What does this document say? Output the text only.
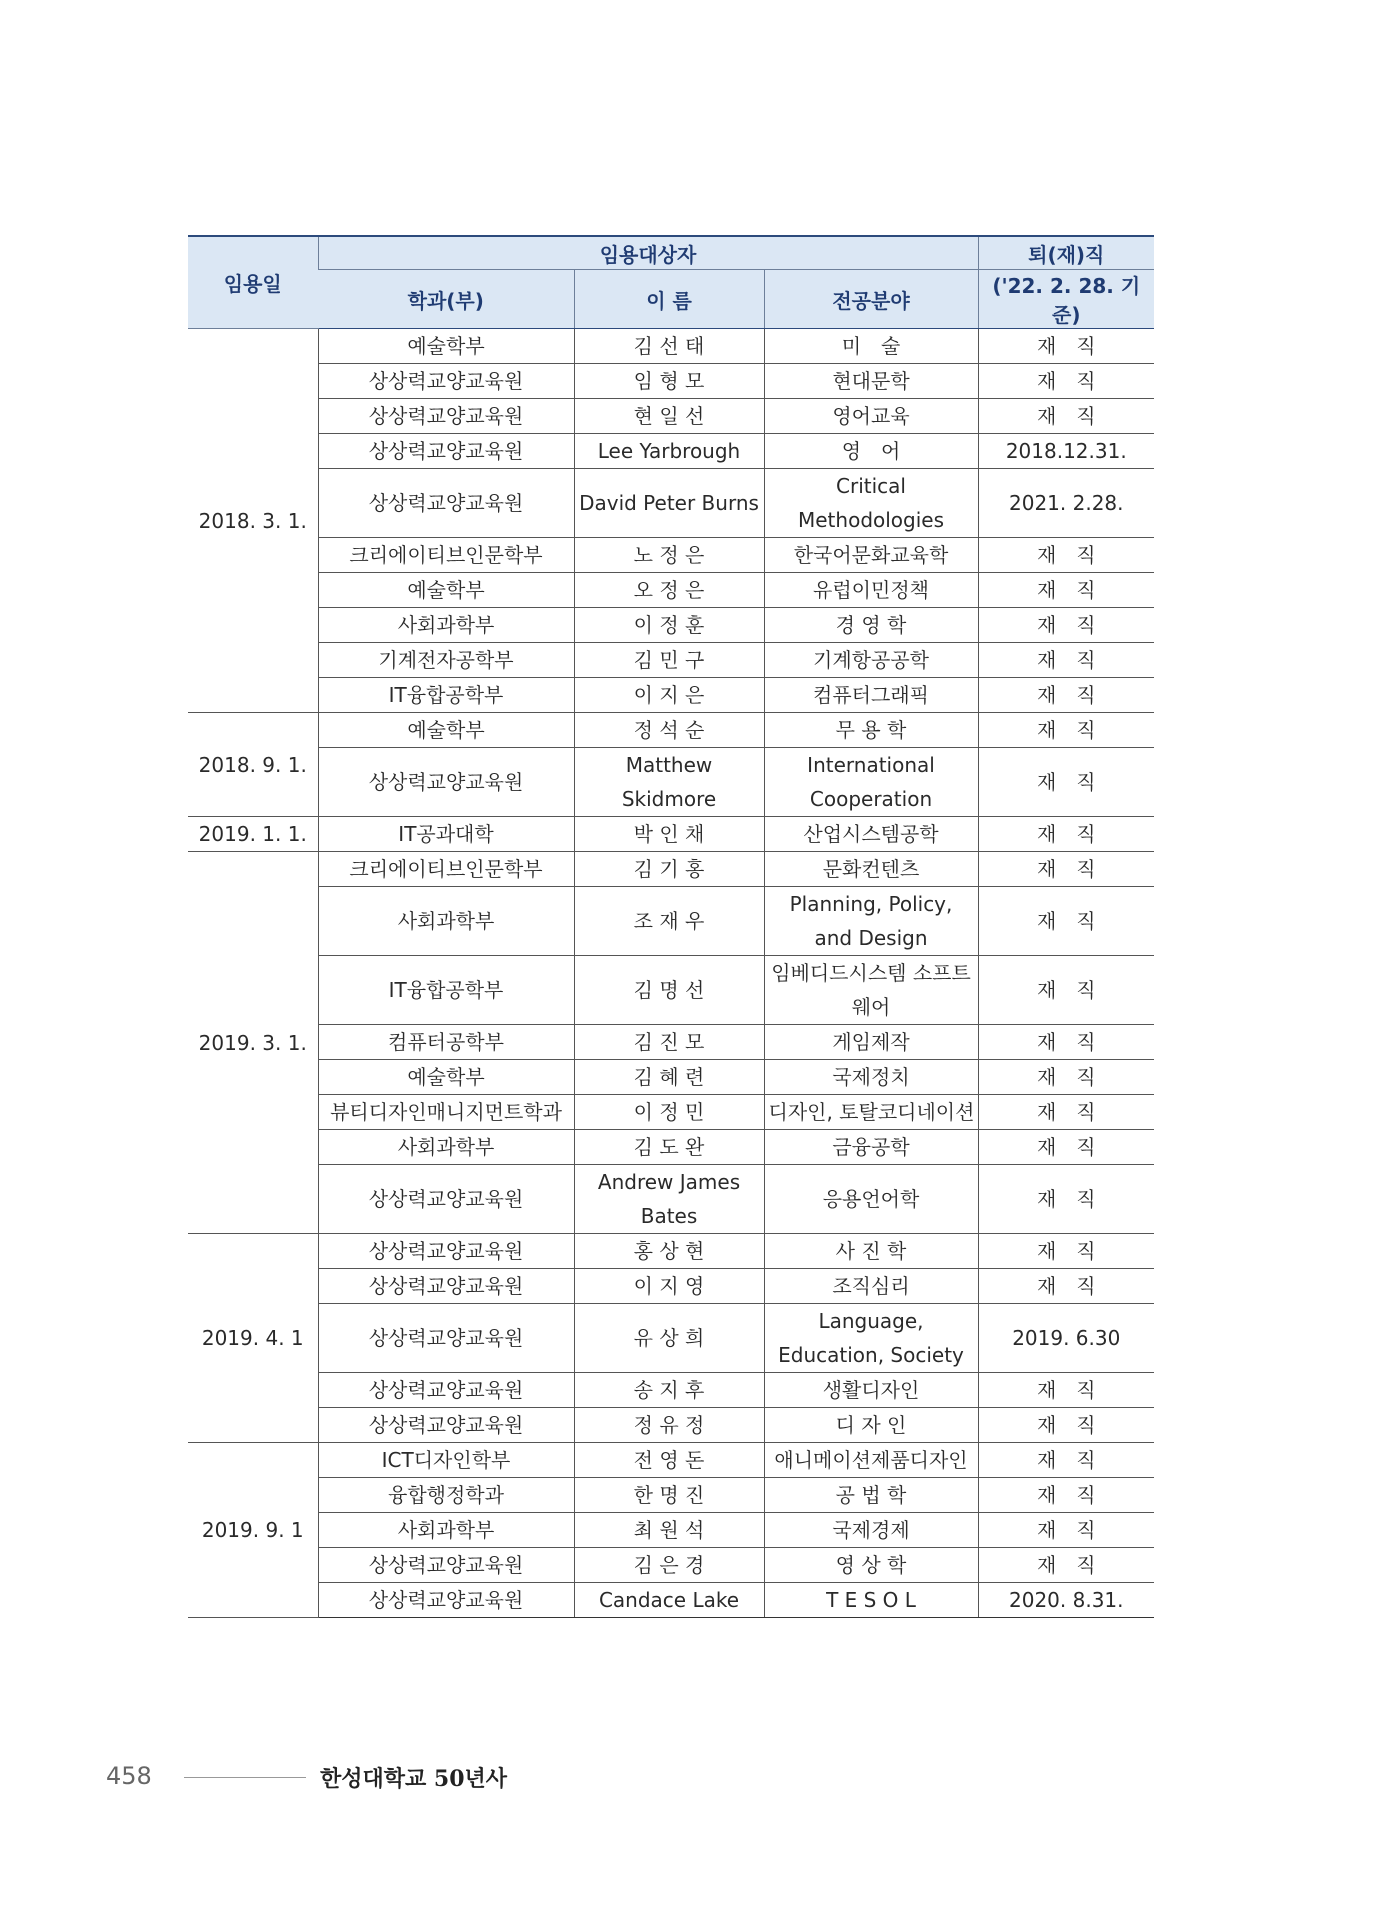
임용일	임용대상자			퇴(재)직
	학과(부)	이 름	전공분야	('22. 2. 28. 기준)
2018. 3. 1.	예술학부	김 선 태	미　술	재　직
	상상력교양교육원	임 형 모	현대문학	재　직
	상상력교양교육원	현 일 선	영어교육	재　직
	상상력교양교육원	Lee Yarbrough	영　어	2018.12.31.
	상상력교양교육원	David Peter Burns	Critical Methodologies	2021. 2.28.
	크리에이티브인문학부	노 정 은	한국어문화교육학	재　직
	예술학부	오 정 은	유럽이민정책	재　직
	사회과학부	이 정 훈	경 영 학	재　직
	기계전자공학부	김 민 구	기계항공공학	재　직
	IT융합공학부	이 지 은	컴퓨터그래픽	재　직
2018. 9. 1.	예술학부	정 석 순	무 용 학	재　직
	상상력교양교육원	Matthew Skidmore	International Cooperation	재　직
2019. 1. 1.	IT공과대학	박 인 채	산업시스템공학	재　직
2019. 3. 1.	크리에이티브인문학부	김 기 홍	문화컨텐츠	재　직
	사회과학부	조 재 우	Planning, Policy, and Design	재　직
	IT융합공학부	김 명 선	임베디드시스템 소프트웨어	재　직
	컴퓨터공학부	김 진 모	게임제작	재　직
	예술학부	김 혜 련	국제정치	재　직
	뷰티디자인매니지먼트학과	이 정 민	디자인, 토탈코디네이션	재　직
	사회과학부	김 도 완	금융공학	재　직
	상상력교양교육원	Andrew James Bates	응용언어학	재　직
2019. 4. 1	상상력교양교육원	홍 상 현	사 진 학	재　직
	상상력교양교육원	이 지 영	조직심리	재　직
	상상력교양교육원	유 상 희	Language, Education, Society	2019. 6.30
	상상력교양교육원	송 지 후	생활디자인	재　직
	상상력교양교육원	정 유 정	디 자 인	재　직
2019. 9. 1	ICT디자인학부	전 영 돈	애니메이션제품디자인	재　직
	융합행정학과	한 명 진	공 법 학	재　직
	사회과학부	최 원 석	국제경제	재　직
	상상력교양교육원	김 은 경	영 상 학	재　직
	상상력교양교육원	Candace Lake	T E S O L	2020. 8.31.
458	한성대학교 50년사
